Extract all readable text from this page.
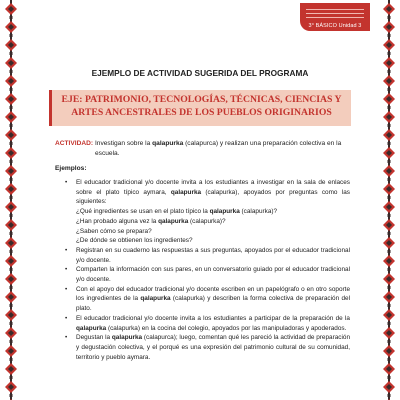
3° BÁSICO Unidad 3
EJEMPLO DE ACTIVIDAD SUGERIDA DEL PROGRAMA

EJE: PATRIMONIO, TECNOLOGÍAS, TÉCNICAS, CIENCIAS Y

ARTES ANCESTRALES DE LOS PUEBLOS ORIGINARIOS

ACTIVIDAD: Investigan sobre la qalapurka (calapurca) y realizan una preparación colectiva en la
escuela.
Ejemplos:
• El educador tradicional y/o docente invita a los estudiantes a investigar en la sala de enlaces sobre el plato típico aymara, qalapurka (calapurka), apoyados por preguntas como las siguientes:
¿Qué ingredientes se usan en el plato típico la qalapurka (calapurka)?
¿Han probado alguna vez la qalapurka (calapurka)?
¿Saben cómo se prepara?
¿De dónde se obtienen los ingredientes?
• Registran en su cuaderno las respuestas a sus preguntas, apoyados por el educador tradicional y/o docente.
• Comparten la información con sus pares, en un conversatorio guiado por el educador tradicional y/o docente.
• Con el apoyo del educador tradicional y/o docente escriben en un papelógrafo o en otro soporte los ingredientes de la qalapurka (calapurka) y describen la forma colectiva de preparación del plato.
• El educador tradicional y/o docente invita a los estudiantes a participar de la preparación de la qalapurka (calapurka) en la cocina del colegio, apoyados por las manipuladoras y apoderados.
• Degustan la qalapurka (calapurca); luego, comentan qué les pareció la actividad de preparación y degustación colectiva, y el porqué es una expresión del patrimonio cultural de su comunidad, territorio y pueblo aymara.
